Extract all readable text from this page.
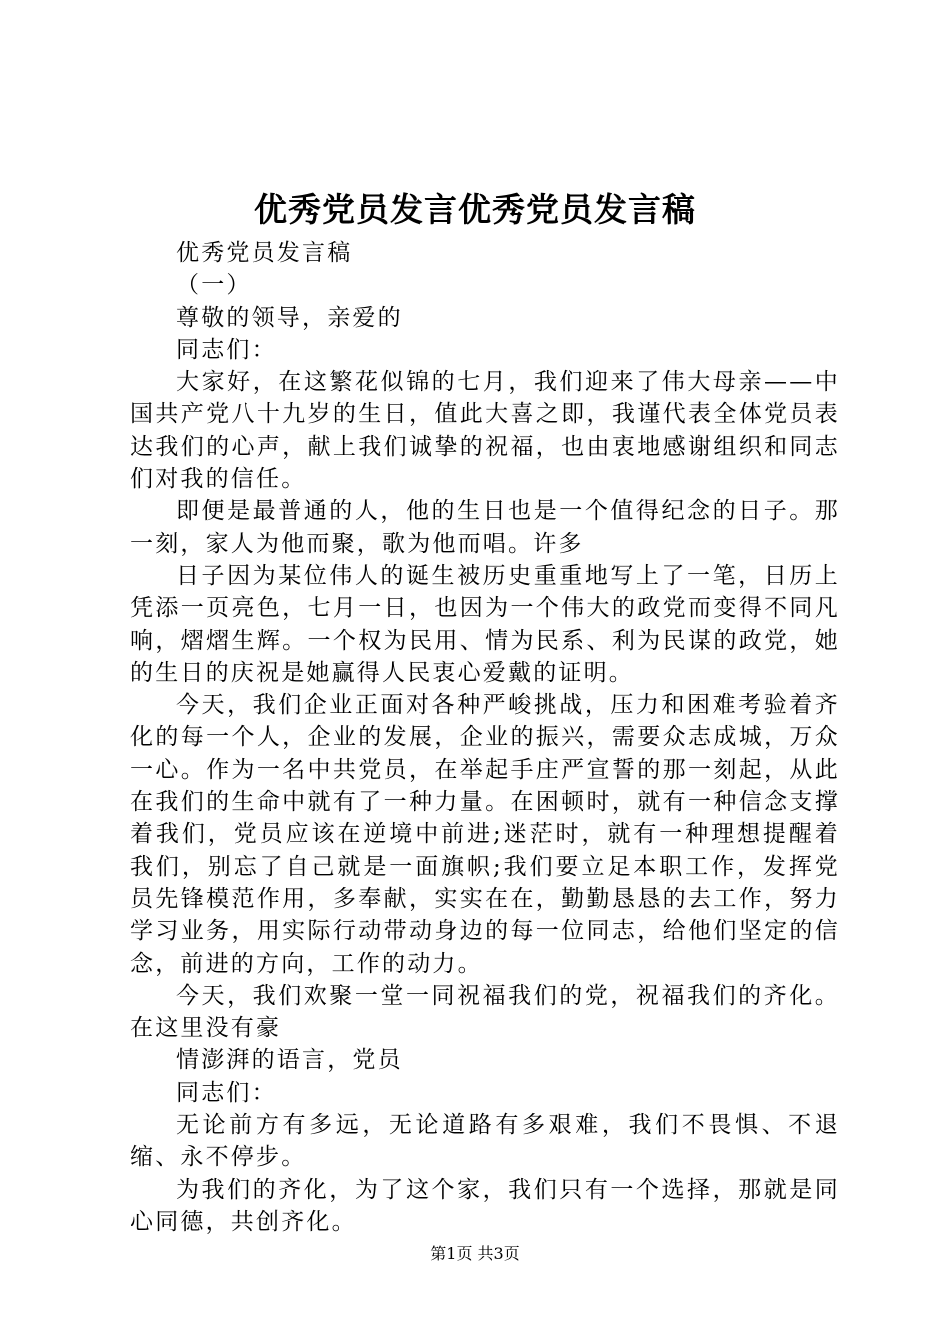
优秀党员发言优秀党员发言稿

优秀党员发言稿

（一）

尊敬的领导，亲爱的

同志们：

大家好，在这繁花似锦的七月，我们迎来了伟大母亲——中国共产党八十九岁的生日，值此大喜之即，我谨代表全体党员表达我们的心声，献上我们诚挚的祝福，也由衷地感谢组织和同志们对我的信任。

即便是最普通的人，他的生日也是一个值得纪念的日子。那一刻，家人为他而聚，歌为他而唱。许多

日子因为某位伟人的诞生被历史重重地写上了一笔，日历上凭添一页亮色，七月一日，也因为一个伟大的政党而变得不同凡响，熠熠生辉。一个权为民用、情为民系、利为民谋的政党，她的生日的庆祝是她赢得人民衷心爱戴的证明。

今天，我们企业正面对各种严峻挑战，压力和困难考验着齐化的每一个人，企业的发展，企业的振兴，需要众志成城，万众一心。作为一名中共党员，在举起手庄严宣誓的那一刻起，从此在我们的生命中就有了一种力量。在困顿时，就有一种信念支撑着我们，党员应该在逆境中前进;迷茫时，就有一种理想提醒着我们，别忘了自己就是一面旗帜;我们要立足本职工作，发挥党员先锋模范作用，多奉献，实实在在，勤勤恳恳的去工作，努力学习业务，用实际行动带动身边的每一位同志，给他们坚定的信念，前进的方向，工作的动力。

今天，我们欢聚一堂一同祝福我们的党，祝福我们的齐化。在这里没有豪

情澎湃的语言，党员

同志们：

无论前方有多远，无论道路有多艰难，我们不畏惧、不退缩、永不停步。

为我们的齐化，为了这个家，我们只有一个选择，那就是同心同德，共创齐化。

第1页 共3页
